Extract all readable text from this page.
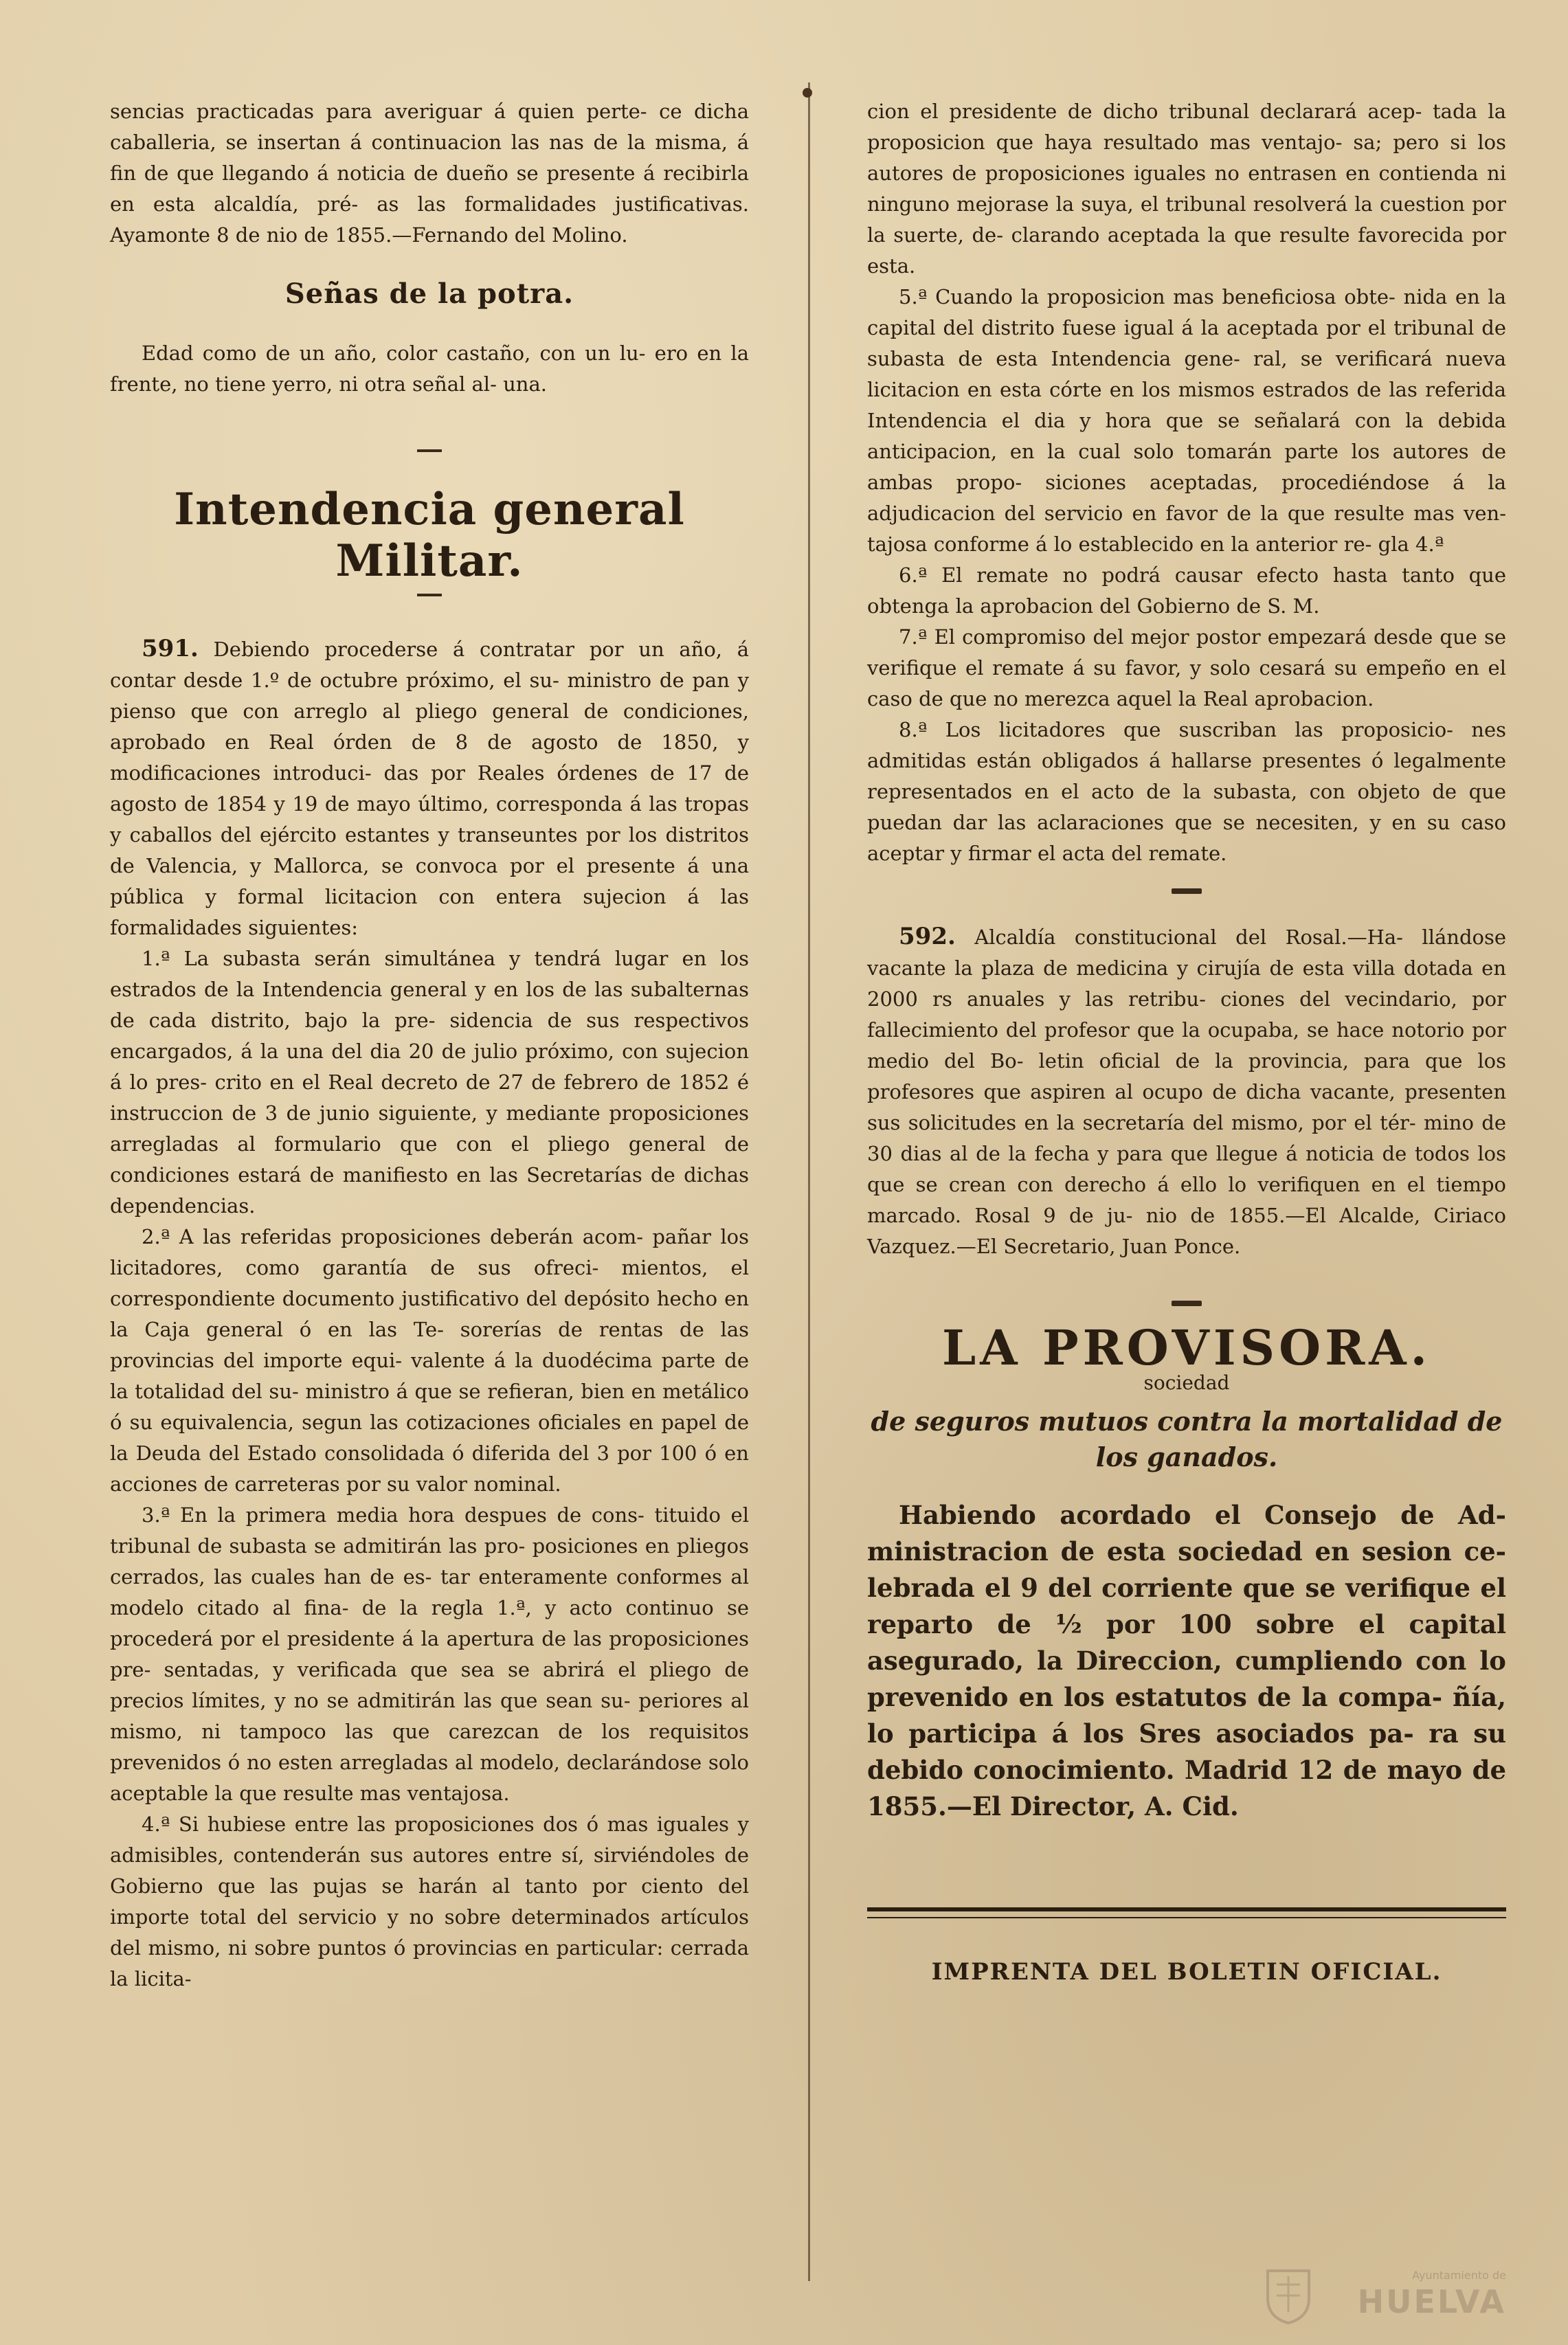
sencias practicadas para averiguar á quien perte- ce dicha caballeria, se insertan á continuacion las nas de la misma, á fin de que llegando á noticia de dueño se presente á recibirla en esta alcaldía, pré- as las formalidades justificativas. Ayamonte 8 de nio de 1855.—Fernando del Molino.

Señas de la potra.

Edad como de un año, color castaño, con un lu- ero en la frente, no tiene yerro, ni otra señal al- una.

Intendencia general Militar.

591. Debiendo procederse á contratar por un año, á contar desde 1.º de octubre próximo, el su- ministro de pan y pienso que con arreglo al pliego general de condiciones, aprobado en Real órden de 8 de agosto de 1850, y modificaciones introduci- das por Reales órdenes de 17 de agosto de 1854 y 19 de mayo último, corresponda á las tropas y caballos del ejército estantes y transeuntes por los distritos de Valencia, y Mallorca, se convoca por el presente á una pública y formal licitacion con entera sujecion á las formalidades siguientes:

1.ª La subasta serán simultánea y tendrá lugar en los estrados de la Intendencia general y en los de las subalternas de cada distrito, bajo la pre- sidencia de sus respectivos encargados, á la una del dia 20 de julio próximo, con sujecion á lo pres- crito en el Real decreto de 27 de febrero de 1852 é instruccion de 3 de junio siguiente, y mediante proposiciones arregladas al formulario que con el pliego general de condiciones estará de manifiesto en las Secretarías de dichas dependencias.

2.ª A las referidas proposiciones deberán acom- pañar los licitadores, como garantía de sus ofreci- mientos, el correspondiente documento justificativo del depósito hecho en la Caja general ó en las Te- sorerías de rentas de las provincias del importe equi- valente á la duodécima parte de la totalidad del su- ministro á que se refieran, bien en metálico ó su equivalencia, segun las cotizaciones oficiales en papel de la Deuda del Estado consolidada ó diferida del 3 por 100 ó en acciones de carreteras por su valor nominal.

3.ª En la primera media hora despues de cons- tituido el tribunal de subasta se admitirán las pro- posiciones en pliegos cerrados, las cuales han de es- tar enteramente conformes al modelo citado al fina- de la regla 1.ª, y acto continuo se procederá por el presidente á la apertura de las proposiciones pre- sentadas, y verificada que sea se abrirá el pliego de precios límites, y no se admitirán las que sean su- periores al mismo, ni tampoco las que carezcan de los requisitos prevenidos ó no esten arregladas al modelo, declarándose solo aceptable la que resulte mas ventajosa.

4.ª Si hubiese entre las proposiciones dos ó mas iguales y admisibles, contenderán sus autores entre sí, sirviéndoles de Gobierno que las pujas se harán al tanto por ciento del importe total del servicio y no sobre determinados artículos del mismo, ni sobre puntos ó provincias en particular: cerrada la licita-

cion el presidente de dicho tribunal declarará acep- tada la proposicion que haya resultado mas ventajo- sa; pero si los autores de proposiciones iguales no entrasen en contienda ni ninguno mejorase la suya, el tribunal resolverá la cuestion por la suerte, de- clarando aceptada la que resulte favorecida por esta.

5.ª Cuando la proposicion mas beneficiosa obte- nida en la capital del distrito fuese igual á la aceptada por el tribunal de subasta de esta Intendencia gene- ral, se verificará nueva licitacion en esta córte en los mismos estrados de las referida Intendencia el dia y hora que se señalará con la debida anticipacion, en la cual solo tomarán parte los autores de ambas propo- siciones aceptadas, procediéndose á la adjudicacion del servicio en favor de la que resulte mas ven- tajosa conforme á lo establecido en la anterior re- gla 4.ª

6.ª El remate no podrá causar efecto hasta tanto que obtenga la aprobacion del Gobierno de S. M.

7.ª El compromiso del mejor postor empezará desde que se verifique el remate á su favor, y solo cesará su empeño en el caso de que no merezca aquel la Real aprobacion.

8.ª Los licitadores que suscriban las proposicio- nes admitidas están obligados á hallarse presentes ó legalmente representados en el acto de la subasta, con objeto de que puedan dar las aclaraciones que se necesiten, y en su caso aceptar y firmar el acta del remate.

592. Alcaldía constitucional del Rosal.—Ha- llándose vacante la plaza de medicina y cirujía de esta villa dotada en 2000 rs anuales y las retribu- ciones del vecindario, por fallecimiento del profesor que la ocupaba, se hace notorio por medio del Bo- letin oficial de la provincia, para que los profesores que aspiren al ocupo de dicha vacante, presenten sus solicitudes en la secretaría del mismo, por el tér- mino de 30 dias al de la fecha y para que llegue á noticia de todos los que se crean con derecho á ello lo verifiquen en el tiempo marcado. Rosal 9 de ju- nio de 1855.—El Alcalde, Ciriaco Vazquez.—El Secretario, Juan Ponce.

LA PROVISORA.

sociedad

de seguros mutuos contra la mortalidad de los ganados.

Habiendo acordado el Consejo de Ad- ministracion de esta sociedad en sesion ce- lebrada el 9 del corriente que se verifique el reparto de ½ por 100 sobre el capital asegurado, la Direccion, cumpliendo con lo prevenido en los estatutos de la compa- ñía, lo participa á los Sres asociados pa- ra su debido conocimiento. Madrid 12 de mayo de 1855.—El Director, A. Cid.

IMPRENTA DEL BOLETIN OFICIAL.

Ayuntamiento de
HUELVA
